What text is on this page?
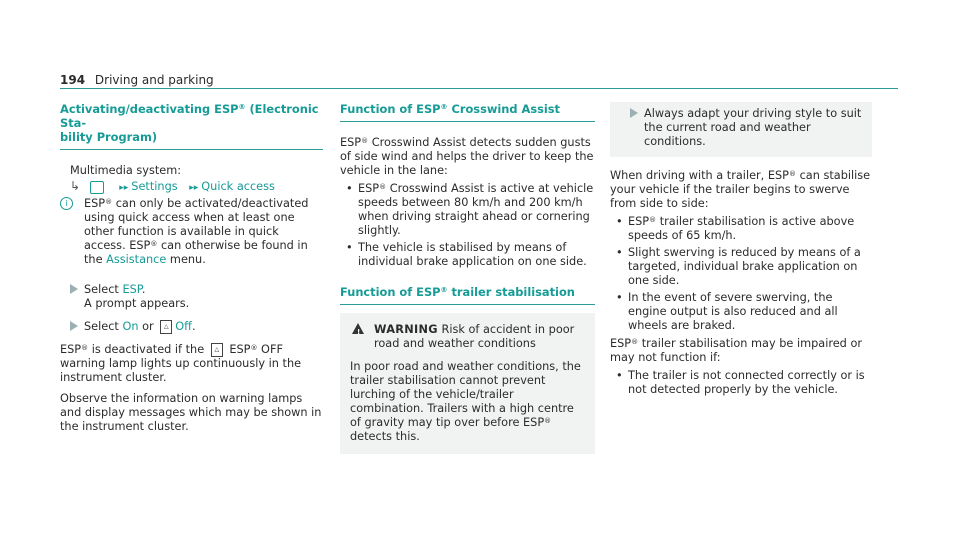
194 Driving and parking
Activating/deactivating ESP® (Electronic Sta-
bility Program)

Multimedia system:

↳	▸▸ Settings ▸▸ Quick access
i	ESP® can only be activated/deactivated using quick access when at least one other function is available in quick access. ESP® can otherwise be found in the Assistance menu.
Select ESP.
A prompt appears.
Select On or △ Off.

ESP® is deactivated if the △ ESP® OFF warning lamp lights up continuously in the instrument cluster.

Observe the information on warning lamps and display messages which may be shown in the instrument cluster.

Function of ESP® Crosswind Assist

ESP® Crosswind Assist detects sudden gusts of side wind and helps the driver to keep the vehicle in the lane:

• ESP® Crosswind Assist is active at vehicle speeds between 80 km/h and 200 km/h when driving straight ahead or cornering slightly.
• The vehicle is stabilised by means of individual brake application on one side.
Function of ESP® trailer stabilisation
! WARNING Risk of accident in poor road and weather conditions

In poor road and weather conditions, the trailer stabilisation cannot prevent lurching of the vehicle/trailer combination. Trailers with a high centre of gravity may tip over before ESP® detects this.

Always adapt your driving style to suit the current road and weather conditions.

When driving with a trailer, ESP® can stabilise your vehicle if the trailer begins to swerve from side to side:

• ESP® trailer stabilisation is active above speeds of 65 km/h.
• Slight swerving is reduced by means of a targeted, individual brake application on one side.
• In the event of severe swerving, the engine output is also reduced and all wheels are braked.

ESP® trailer stabilisation may be impaired or may not function if:

• The trailer is not connected correctly or is not detected properly by the vehicle.
